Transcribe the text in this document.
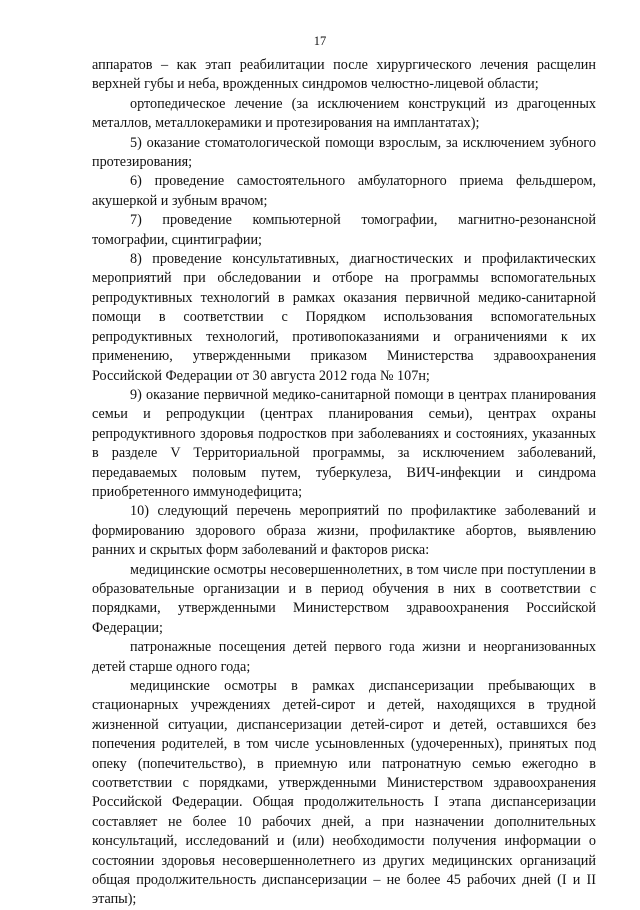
17

аппаратов – как этап реабилитации после хирургического лечения расщелин верхней губы и неба, врожденных синдромов челюстно-лицевой области;

ортопедическое лечение (за исключением конструкций из драгоценных металлов, металлокерамики и протезирования на имплантатах);

5) оказание стоматологической помощи взрослым, за исключением зубного протезирования;

6) проведение самостоятельного амбулаторного приема фельдшером, акушеркой и зубным врачом;

7) проведение компьютерной томографии, магнитно-резонансной томографии, сцинтиграфии;

8) проведение консультативных, диагностических и профилактических мероприятий при обследовании и отборе на программы вспомогательных репродуктивных технологий в рамках оказания первичной медико-санитарной помощи в соответствии с Порядком использования вспомогательных репродуктивных технологий, противопоказаниями и ограничениями к их применению, утвержденными приказом Министерства здравоохранения Российской Федерации от 30 августа 2012 года № 107н;

9) оказание первичной медико-санитарной помощи в центрах планирования семьи и репродукции (центрах планирования семьи), центрах охраны репродуктивного здоровья подростков при заболеваниях и состояниях, указанных в разделе V Территориальной программы, за исключением заболеваний, передаваемых половым путем, туберкулеза, ВИЧ-инфекции и синдрома приобретенного иммунодефицита;

10) следующий перечень мероприятий по профилактике заболеваний и формированию здорового образа жизни, профилактике абортов, выявлению ранних и скрытых форм заболеваний и факторов риска:

медицинские осмотры несовершеннолетних, в том числе при поступлении в образовательные организации и в период обучения в них в соответствии с порядками, утвержденными Министерством здравоохранения Российской Федерации;

патронажные посещения детей первого года жизни и неорганизованных детей старше одного года;

медицинские осмотры в рамках диспансеризации пребывающих в стационарных учреждениях детей-сирот и детей, находящихся в трудной жизненной ситуации, диспансеризации детей-сирот и детей, оставшихся без попечения родителей, в том числе усыновленных (удочеренных), принятых под опеку (попечительство), в приемную или патронатную семью ежегодно в соответствии с порядками, утвержденными Министерством здравоохранения Российской Федерации. Общая продолжительность I этапа диспансеризации составляет не более 10 рабочих дней, а при назначении дополнительных консультаций, исследований и (или) необходимости получения информации о состоянии здоровья несовершеннолетнего из других медицинских организаций общая продолжительность диспансеризации – не более 45 рабочих дней (I и II этапы);
